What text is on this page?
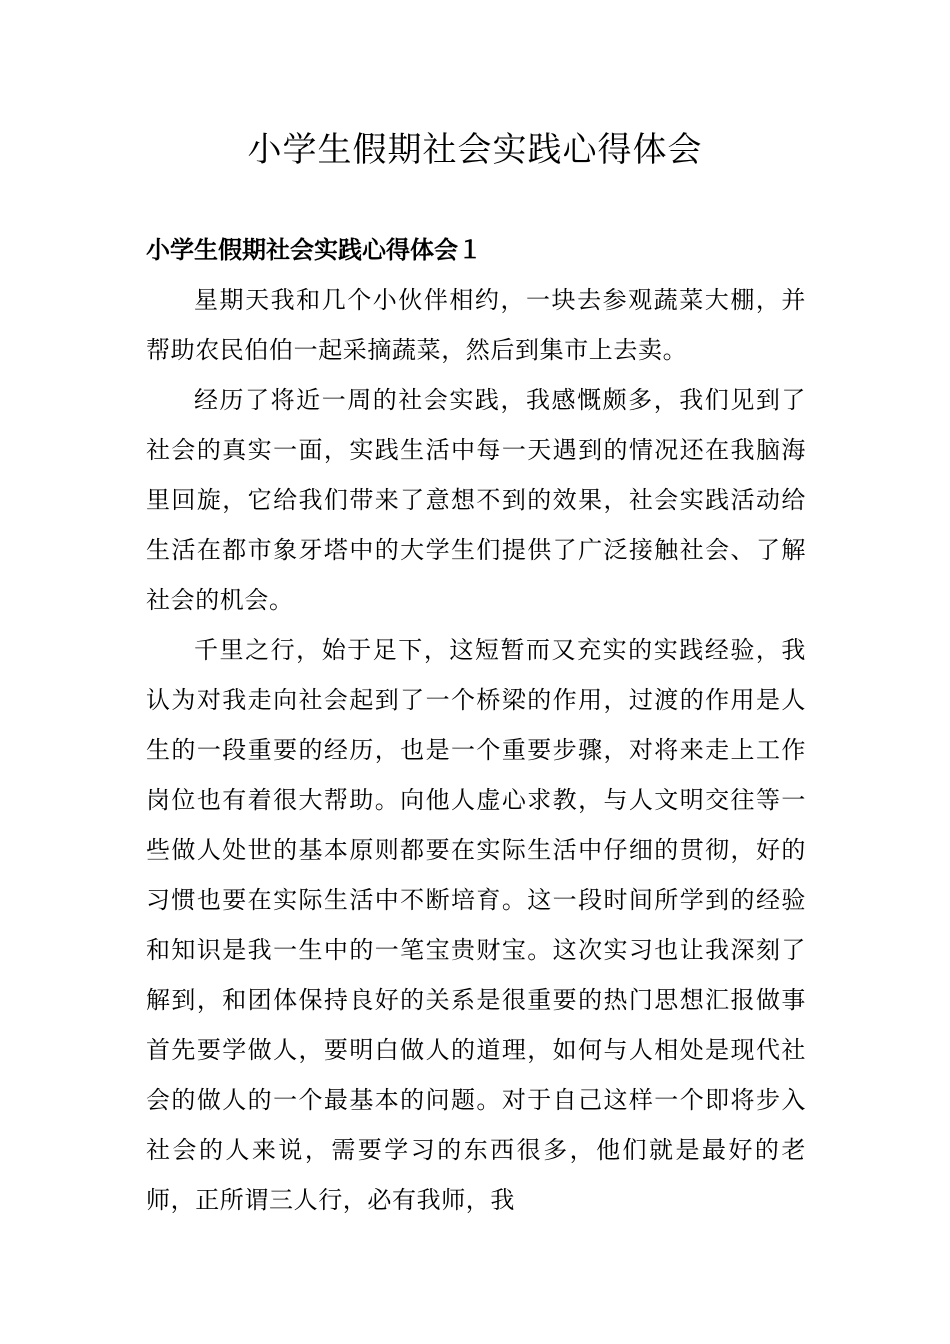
小学生假期社会实践心得体会
小学生假期社会实践心得体会１

星期天我和几个小伙伴相约，一块去参观蔬菜大棚，并帮助农民伯伯一起采摘蔬菜，然后到集市上去卖。

经历了将近一周的社会实践，我感慨颇多，我们见到了社会的真实一面，实践生活中每一天遇到的情况还在我脑海里回旋，它给我们带来了意想不到的效果，社会实践活动给生活在都市象牙塔中的大学生们提供了广泛接触社会、了解社会的机会。

千里之行，始于足下，这短暂而又充实的实践经验，我认为对我走向社会起到了一个桥梁的作用，过渡的作用是人生的一段重要的经历，也是一个重要步骤，对将来走上工作岗位也有着很大帮助。向他人虚心求教，与人文明交往等一些做人处世的基本原则都要在实际生活中仔细的贯彻，好的习惯也要在实际生活中不断培育。这一段时间所学到的经验和知识是我一生中的一笔宝贵财宝。这次实习也让我深刻了解到，和团体保持良好的关系是很重要的热门思想汇报做事首先要学做人，要明白做人的道理，如何与人相处是现代社会的做人的一个最基本的问题。对于自己这样一个即将步入社会的人来说，需要学习的东西很多，他们就是最好的老师，正所谓三人行，必有我师，我
